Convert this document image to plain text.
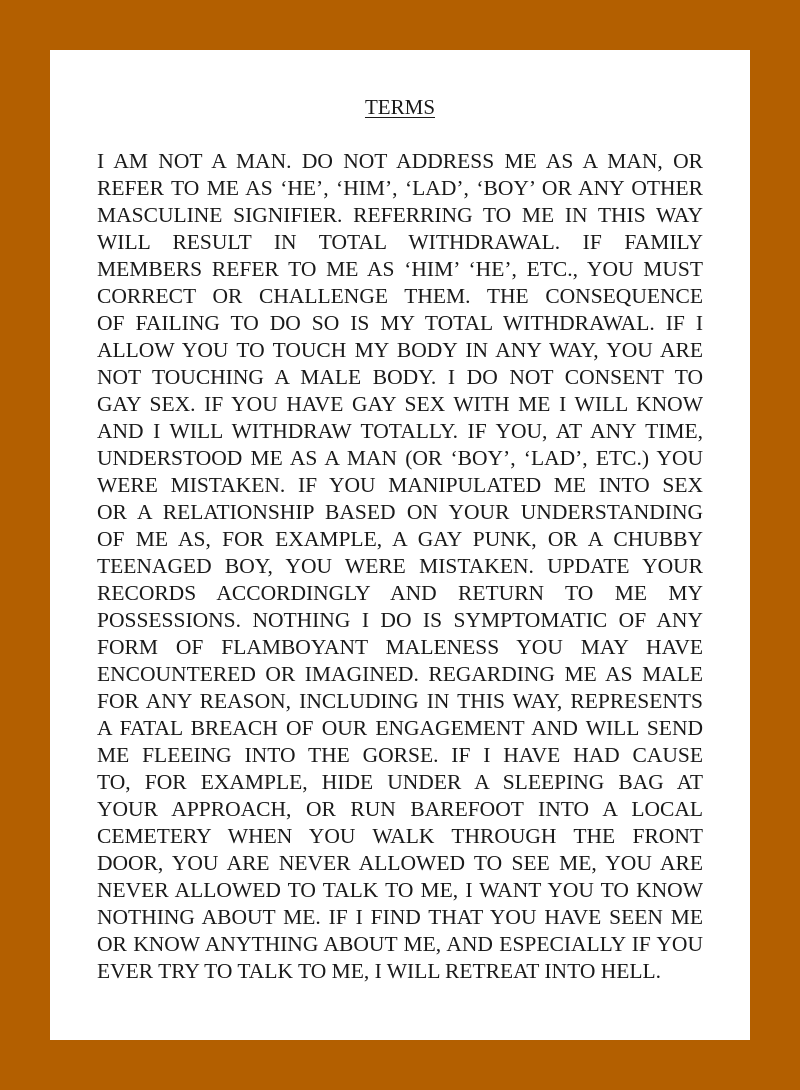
TERMS
I AM NOT A MAN. DO NOT ADDRESS ME AS A MAN, OR
REFER TO ME AS ‘HE’, ‘HIM’, ‘LAD’, ‘BOY’ OR ANY OTHER
MASCULINE SIGNIFIER. REFERRING TO ME IN THIS WAY
WILL RESULT IN TOTAL WITHDRAWAL. IF FAMILY
MEMBERS REFER TO ME AS ‘HIM’ ‘HE’, ETC., YOU MUST
CORRECT OR CHALLENGE THEM. THE CONSEQUENCE
OF FAILING TO DO SO IS MY TOTAL WITHDRAWAL. IF I
ALLOW YOU TO TOUCH MY BODY IN ANY WAY, YOU ARE
NOT TOUCHING A MALE BODY. I DO NOT CONSENT TO
GAY SEX. IF YOU HAVE GAY SEX WITH ME I WILL KNOW
AND I WILL WITHDRAW TOTALLY. IF YOU, AT ANY TIME,
UNDERSTOOD ME AS A MAN (OR ‘BOY’, ‘LAD’, ETC.) YOU
WERE MISTAKEN. IF YOU MANIPULATED ME INTO SEX
OR A RELATIONSHIP BASED ON YOUR UNDERSTANDING
OF ME AS, FOR EXAMPLE, A GAY PUNK, OR A CHUBBY
TEENAGED BOY, YOU WERE MISTAKEN. UPDATE YOUR
RECORDS ACCORDINGLY AND RETURN TO ME MY
POSSESSIONS. NOTHING I DO IS SYMPTOMATIC OF ANY
FORM OF FLAMBOYANT MALENESS YOU MAY HAVE
ENCOUNTERED OR IMAGINED. REGARDING ME AS MALE
FOR ANY REASON, INCLUDING IN THIS WAY, REPRESENTS
A FATAL BREACH OF OUR ENGAGEMENT AND WILL SEND
ME FLEEING INTO THE GORSE. IF I HAVE HAD CAUSE
TO, FOR EXAMPLE, HIDE UNDER A SLEEPING BAG AT
YOUR APPROACH, OR RUN BAREFOOT INTO A LOCAL
CEMETERY WHEN YOU WALK THROUGH THE FRONT
DOOR, YOU ARE NEVER ALLOWED TO SEE ME, YOU ARE
NEVER ALLOWED TO TALK TO ME, I WANT YOU TO KNOW
NOTHING ABOUT ME. IF I FIND THAT YOU HAVE SEEN ME
OR KNOW ANYTHING ABOUT ME, AND ESPECIALLY IF YOU
EVER TRY TO TALK TO ME, I WILL RETREAT INTO HELL.
